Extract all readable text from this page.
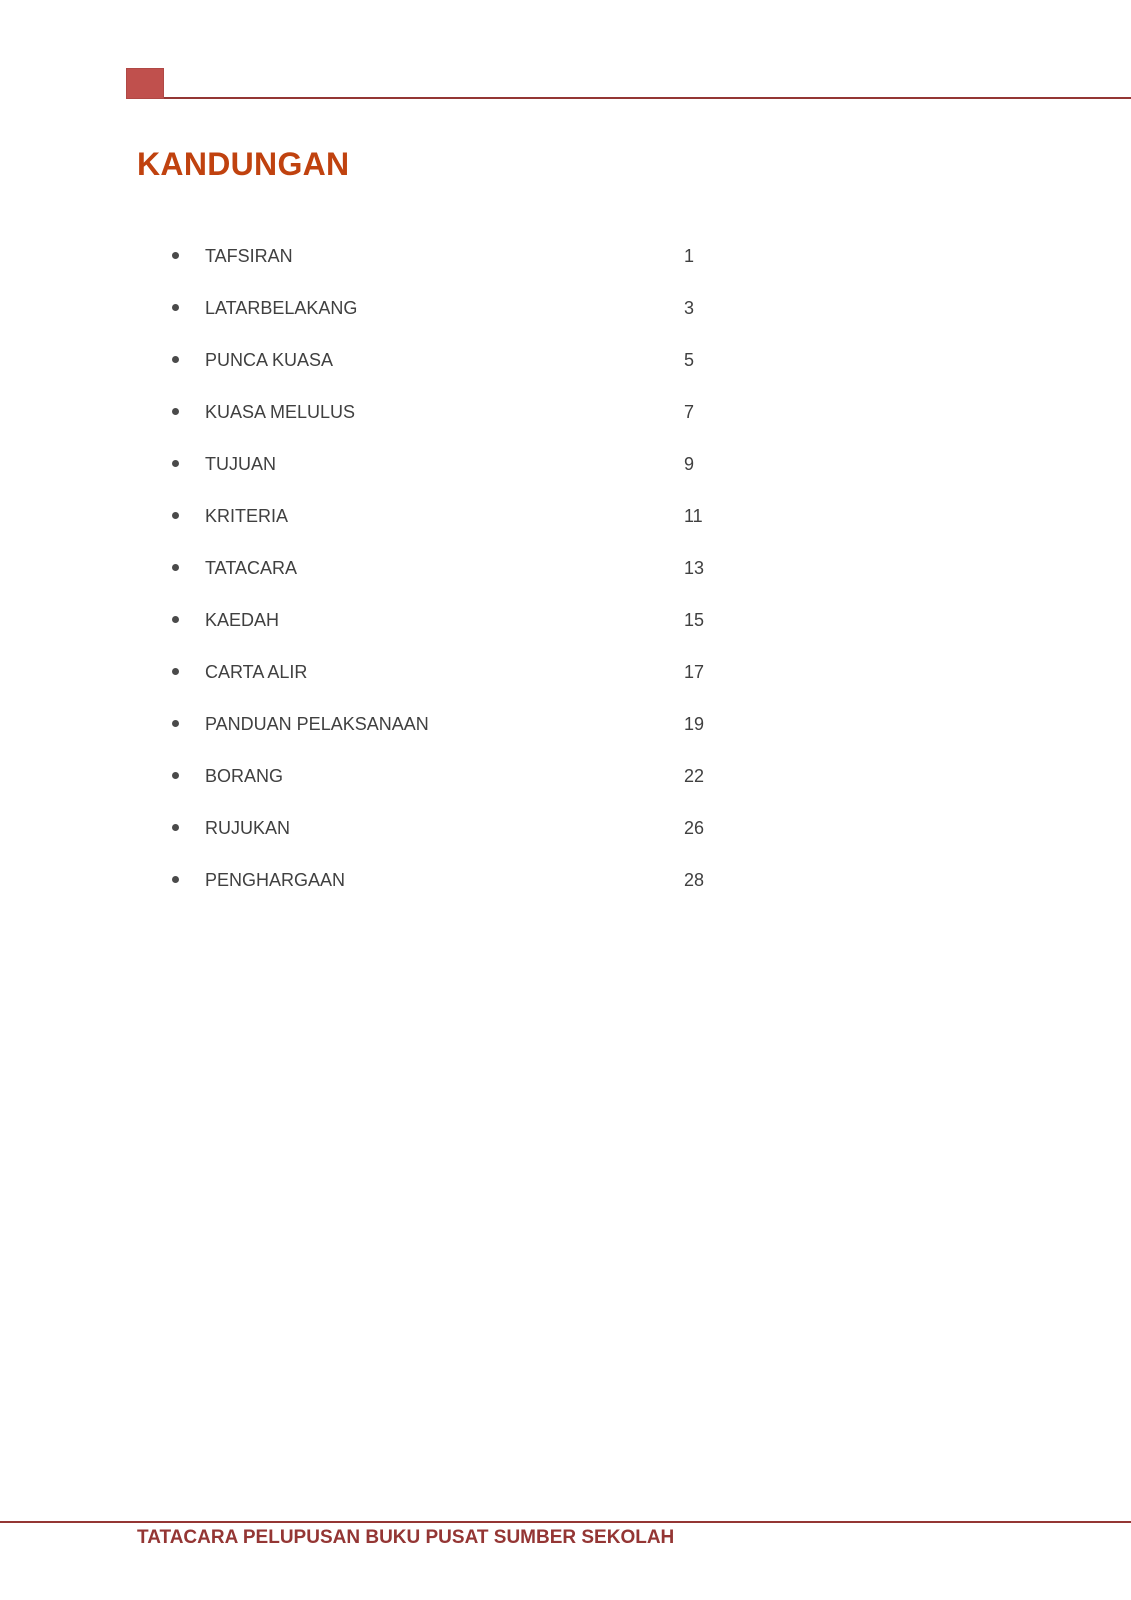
KANDUNGAN
TAFSIRAN	1
LATARBELAKANG	3
PUNCA KUASA	5
KUASA MELULUS	7
TUJUAN	9
KRITERIA	11
TATACARA	13
KAEDAH	15
CARTA ALIR	17
PANDUAN PELAKSANAAN	19
BORANG	22
RUJUKAN	26
PENGHARGAAN	28

TATACARA PELUPUSAN BUKU PUSAT SUMBER SEKOLAH
